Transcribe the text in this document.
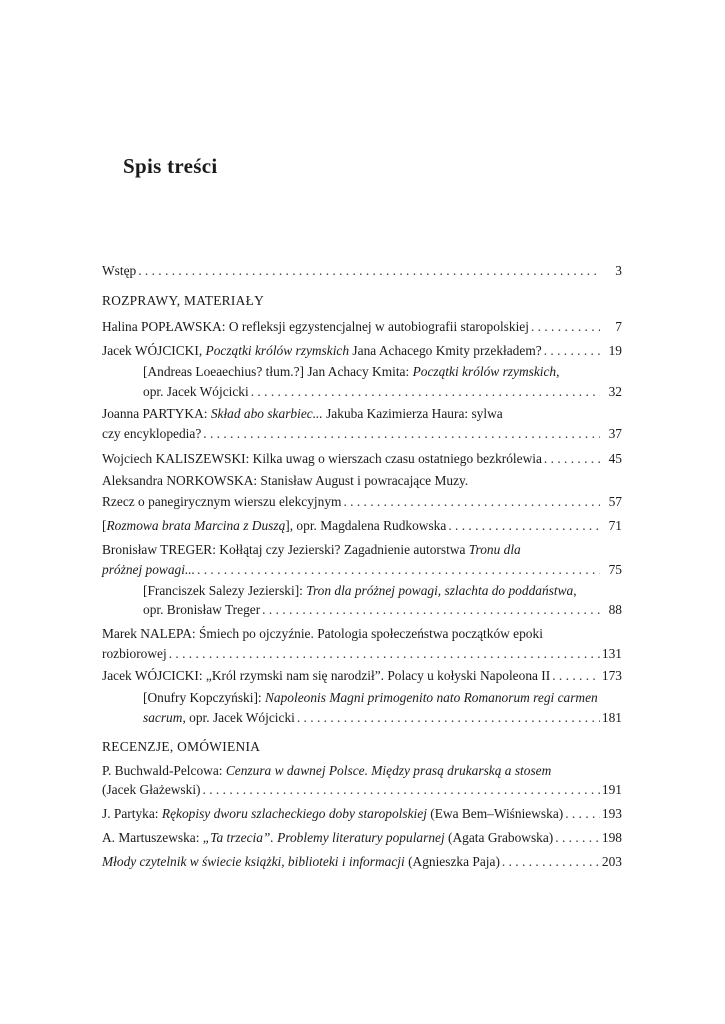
Spis treści
Wstęp . . .	3
ROZPRAWY, MATERIAŁY
Halina POPŁAWSKA: O refleksji egzystencjalnej w autobiografii staropolskiej . . .	7
Jacek WÓJCICKI, Początki królów rzymskich Jana Achacego Kmity przekładem? . . .	19
[Andreas Loeaechius? tłum.?] Jan Achacy Kmita: Początki królów rzymskich,
opr. Jacek Wójcicki . . .	32
Joanna PARTYKA: Skład abo skarbiec... Jakuba Kazimierza Haura: sylwa
czy encyklopedia? . . .	37
Wojciech KALISZEWSKI: Kilka uwag o wierszach czasu ostatniego bezkrólewia . . .	45
Aleksandra NORKOWSKA: Stanisław August i powracające Muzy.
Rzecz o panegirycznym wierszu elekcyjnym . . .	57
[Rozmowa brata Marcina z Duszą], opr. Magdalena Rudkowska . . .	71
Bronisław TREGER: Kołłątaj czy Jezierski? Zagadnienie autorstwa Tronu dla
próżnej powagi... . . .	75
[Franciszek Salezy Jezierski]: Tron dla próżnej powagi, szlachta do poddaństwa,
opr. Bronisław Treger . . .	88
Marek NALEPA: Śmiech po ojczyźnie. Patologia społeczeństwa początków epoki
rozbiorowej . . .	131
Jacek WÓJCICKI: „Król rzymski nam się narodził”. Polacy u kołyski Napoleona II . . .	173
[Onufry Kopczyński]: Napoleonis Magni primogenito nato Romanorum regi carmen
sacrum, opr. Jacek Wójcicki . . .	181
RECENZJE, OMÓWIENIA
P. Buchwald-Pelcowa: Cenzura w dawnej Polsce. Między prasą drukarską a stosem
(Jacek Głażewski) . . .	191
J. Partyka: Rękopisy dworu szlacheckiego doby staropolskiej (Ewa Bem–Wiśniewska) . . .	193
A. Martuszewska: „Ta trzecia”. Problemy literatury popularnej (Agata Grabowska) . . .	198
Młody czytelnik w świecie książki, biblioteki i informacji (Agnieszka Paja) . . .	203
